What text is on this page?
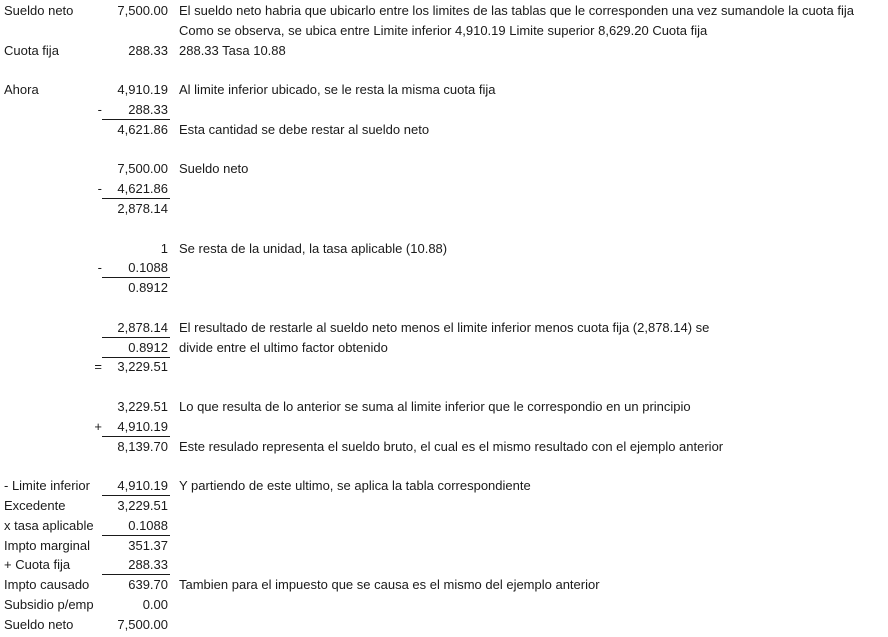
Sueldo neto	7,500.00 El sueldo neto habria que ubicarlo entre los limites de las tablas que le corresponden una vez sumandole la cuota fija
Como se observa, se ubica entre Limite inferior 4,910.19 Limite superior 8,629.20 Cuota fija
Cuota fija	288.33 288.33 Tasa 10.88
Ahora	4,910.19 Al limite inferior ubicado, se le resta la misma cuota fija
-	288.33
4,621.86 Esta cantidad se debe restar al sueldo neto
7,500.00 Sueldo neto
-	4,621.86
2,878.14
1 Se resta de la unidad, la tasa aplicable (10.88)
-	0.1088
0.8912
2,878.14 El resultado de restarle al sueldo neto menos el limite inferior menos cuota fija (2,878.14) se
0.8912 divide entre el ultimo factor obtenido
=	3,229.51
3,229.51 Lo que resulta de lo anterior se suma al limite inferior que le correspondio en un principio
+	4,910.19
8,139.70 Este resulado representa el sueldo bruto, el cual es el mismo resultado con el ejemplo anterior
- Limite inferior	4,910.19 Y partiendo de este ultimo, se aplica la tabla correspondiente
Excedente	3,229.51
x tasa aplicable	0.1088
Impto marginal	351.37
+ Cuota fija	288.33
Impto causado	639.70 Tambien para el impuesto que se causa es el mismo del ejemplo anterior
Subsidio p/emp	0.00
Sueldo neto	7,500.00
